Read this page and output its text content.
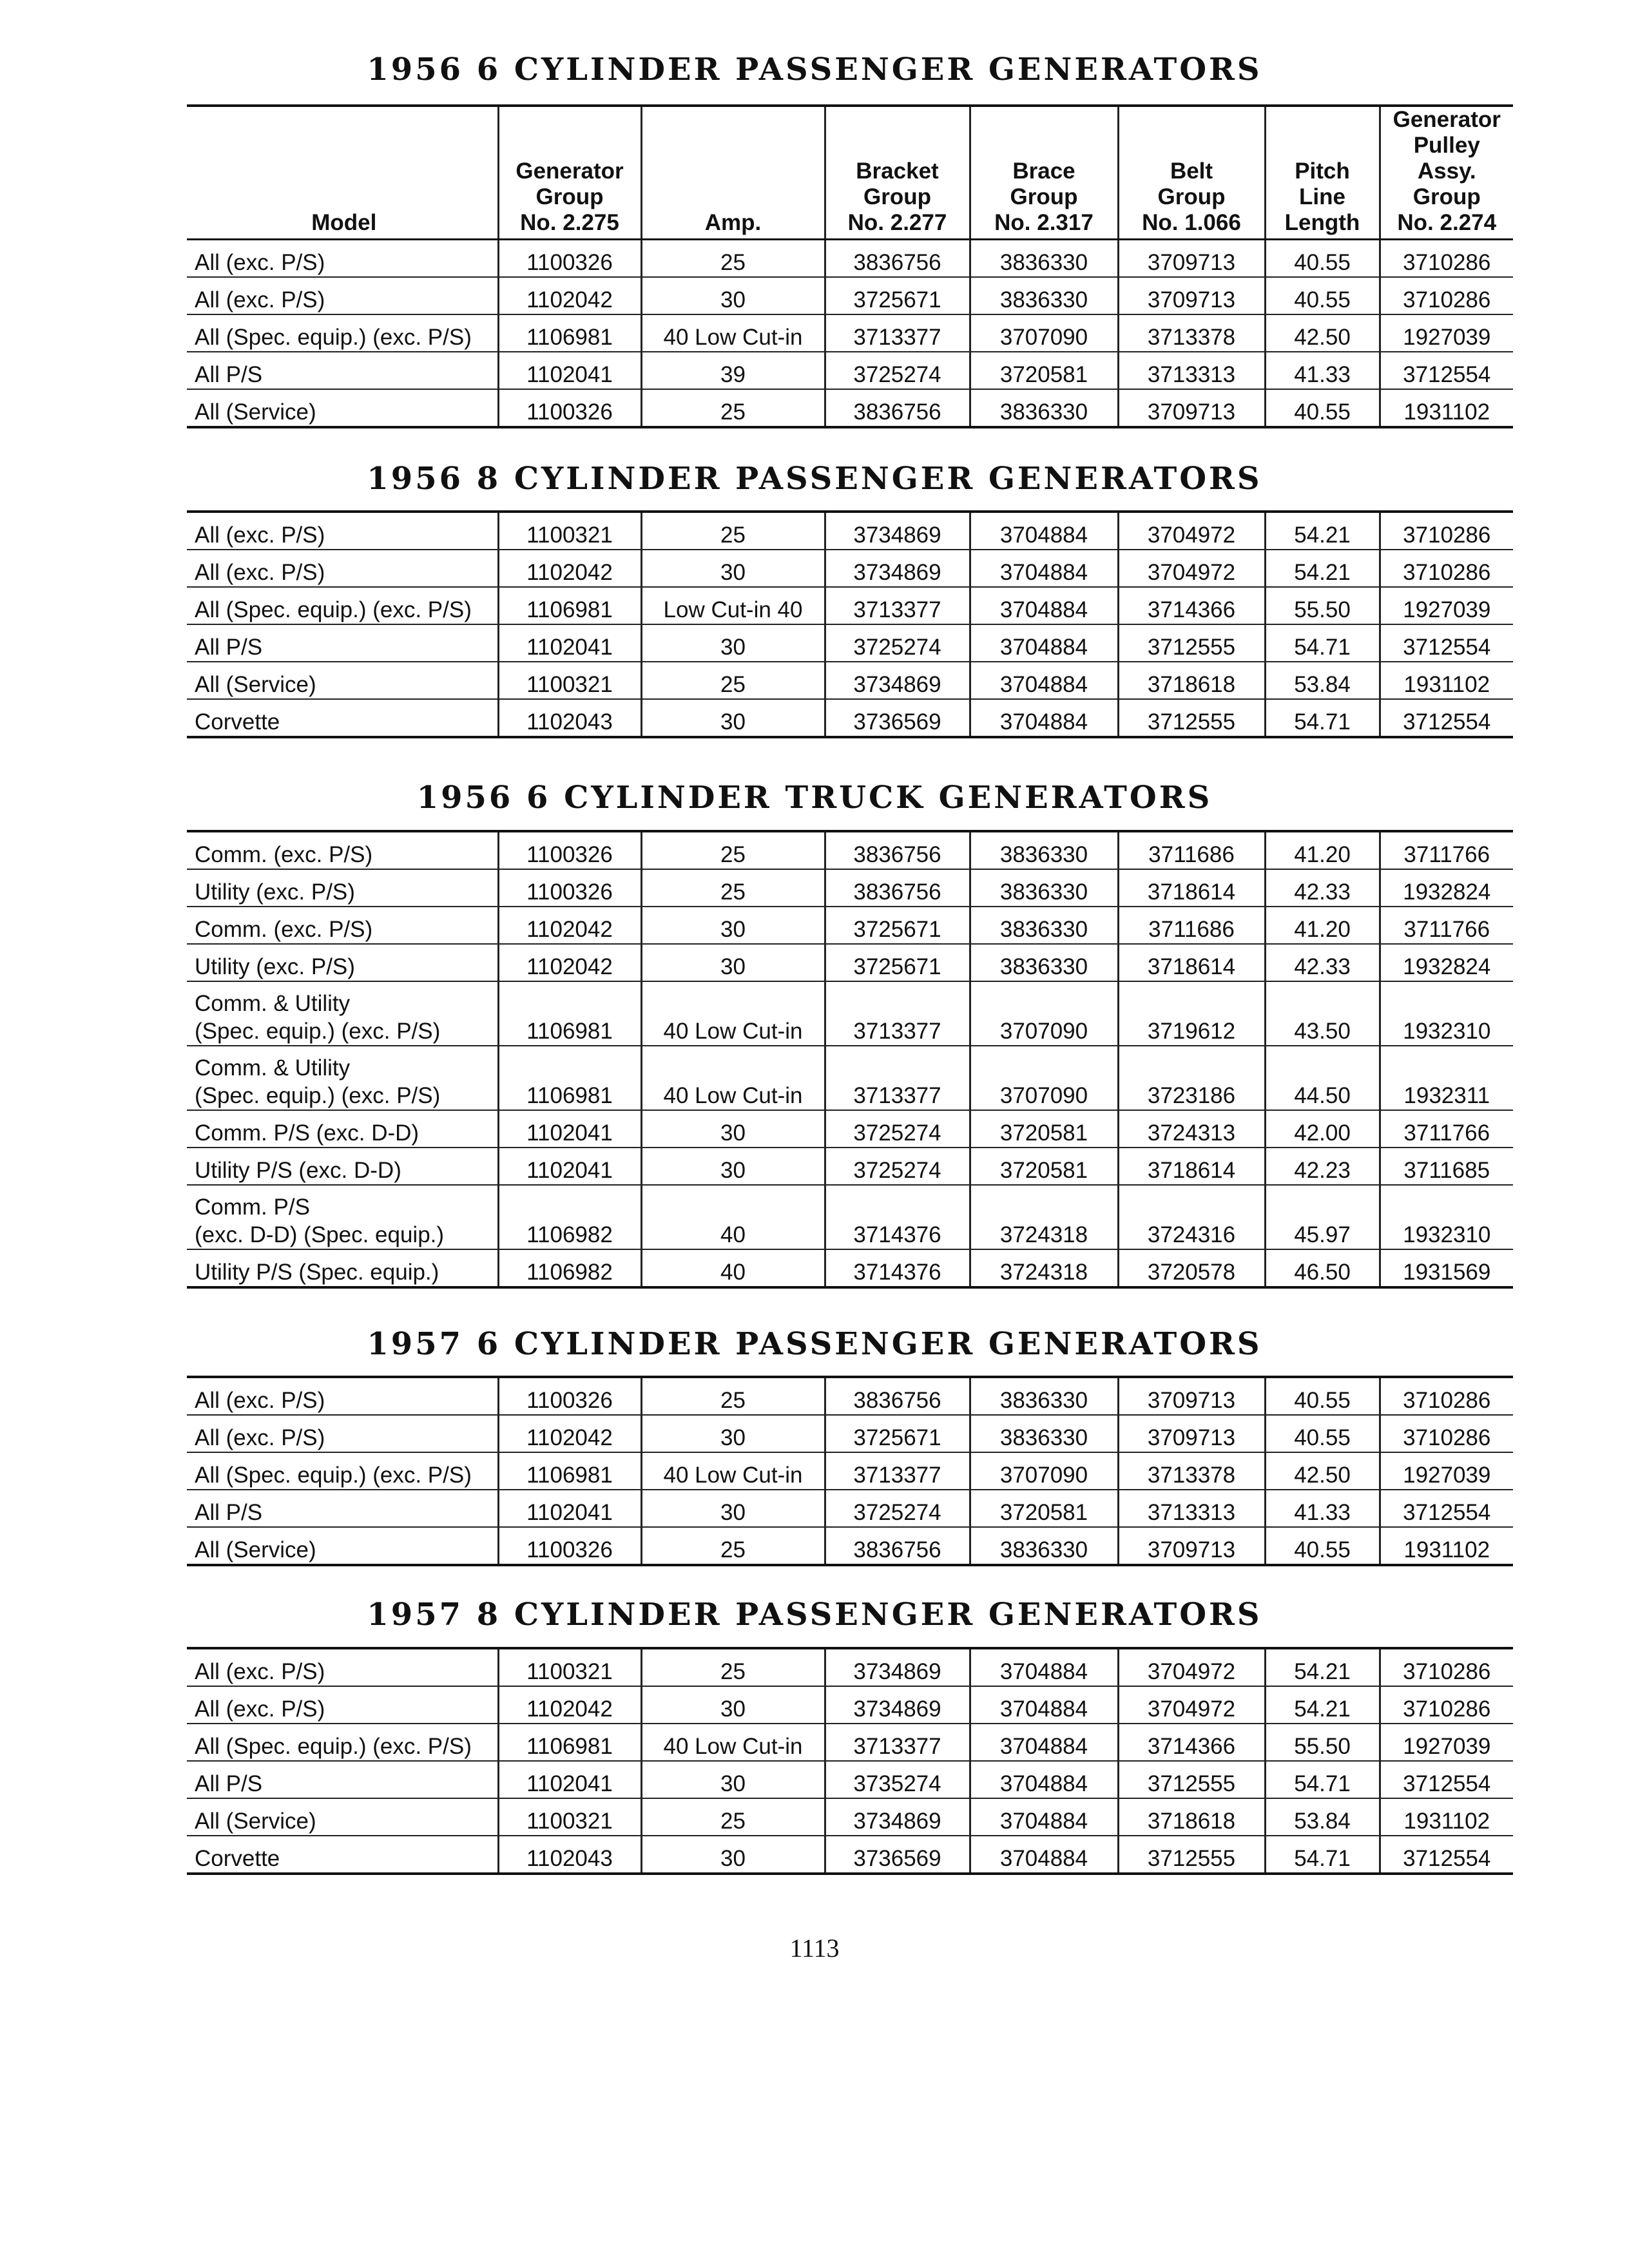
1956 6 CYLINDER PASSENGER GENERATORS
Model	Generator
Group
No. 2.275	Amp.	Bracket
Group
No. 2.277	Brace
Group
No. 2.317	Belt
Group
No. 1.066	Pitch
Line
Length	Generator
Pulley Assy.
Group
No. 2.274
All (exc. P/S)	1100326	25	3836756	3836330	3709713	40.55	3710286
All (exc. P/S)	1102042	30	3725671	3836330	3709713	40.55	3710286
All (Spec. equip.) (exc. P/S)	1106981	40 Low Cut-in	3713377	3707090	3713378	42.50	1927039
All P/S	1102041	39	3725274	3720581	3713313	41.33	3712554
All (Service)	1100326	25	3836756	3836330	3709713	40.55	1931102
1956 8 CYLINDER PASSENGER GENERATORS
All (exc. P/S)	1100321	25	3734869	3704884	3704972	54.21	3710286
All (exc. P/S)	1102042	30	3734869	3704884	3704972	54.21	3710286
All (Spec. equip.) (exc. P/S)	1106981	Low Cut-in 40	3713377	3704884	3714366	55.50	1927039
All P/S	1102041	30	3725274	3704884	3712555	54.71	3712554
All (Service)	1100321	25	3734869	3704884	3718618	53.84	1931102
Corvette	1102043	30	3736569	3704884	3712555	54.71	3712554
1956 6 CYLINDER TRUCK GENERATORS
Comm. (exc. P/S)	1100326	25	3836756	3836330	3711686	41.20	3711766
Utility (exc. P/S)	1100326	25	3836756	3836330	3718614	42.33	1932824
Comm. (exc. P/S)	1102042	30	3725671	3836330	3711686	41.20	3711766
Utility (exc. P/S)	1102042	30	3725671	3836330	3718614	42.33	1932824
Comm. & Utility
(Spec. equip.) (exc. P/S)	1106981	40 Low Cut-in	3713377	3707090	3719612	43.50	1932310
Comm. & Utility
(Spec. equip.) (exc. P/S)	1106981	40 Low Cut-in	3713377	3707090	3723186	44.50	1932311
Comm. P/S (exc. D-D)	1102041	30	3725274	3720581	3724313	42.00	3711766
Utility P/S (exc. D-D)	1102041	30	3725274	3720581	3718614	42.23	3711685
Comm. P/S
(exc. D-D) (Spec. equip.)	1106982	40	3714376	3724318	3724316	45.97	1932310
Utility P/S (Spec. equip.)	1106982	40	3714376	3724318	3720578	46.50	1931569
1957 6 CYLINDER PASSENGER GENERATORS
All (exc. P/S)	1100326	25	3836756	3836330	3709713	40.55	3710286
All (exc. P/S)	1102042	30	3725671	3836330	3709713	40.55	3710286
All (Spec. equip.) (exc. P/S)	1106981	40 Low Cut-in	3713377	3707090	3713378	42.50	1927039
All P/S	1102041	30	3725274	3720581	3713313	41.33	3712554
All (Service)	1100326	25	3836756	3836330	3709713	40.55	1931102
1957 8 CYLINDER PASSENGER GENERATORS
All (exc. P/S)	1100321	25	3734869	3704884	3704972	54.21	3710286
All (exc. P/S)	1102042	30	3734869	3704884	3704972	54.21	3710286
All (Spec. equip.) (exc. P/S)	1106981	40 Low Cut-in	3713377	3704884	3714366	55.50	1927039
All P/S	1102041	30	3735274	3704884	3712555	54.71	3712554
All (Service)	1100321	25	3734869	3704884	3718618	53.84	1931102
Corvette	1102043	30	3736569	3704884	3712555	54.71	3712554
1113
